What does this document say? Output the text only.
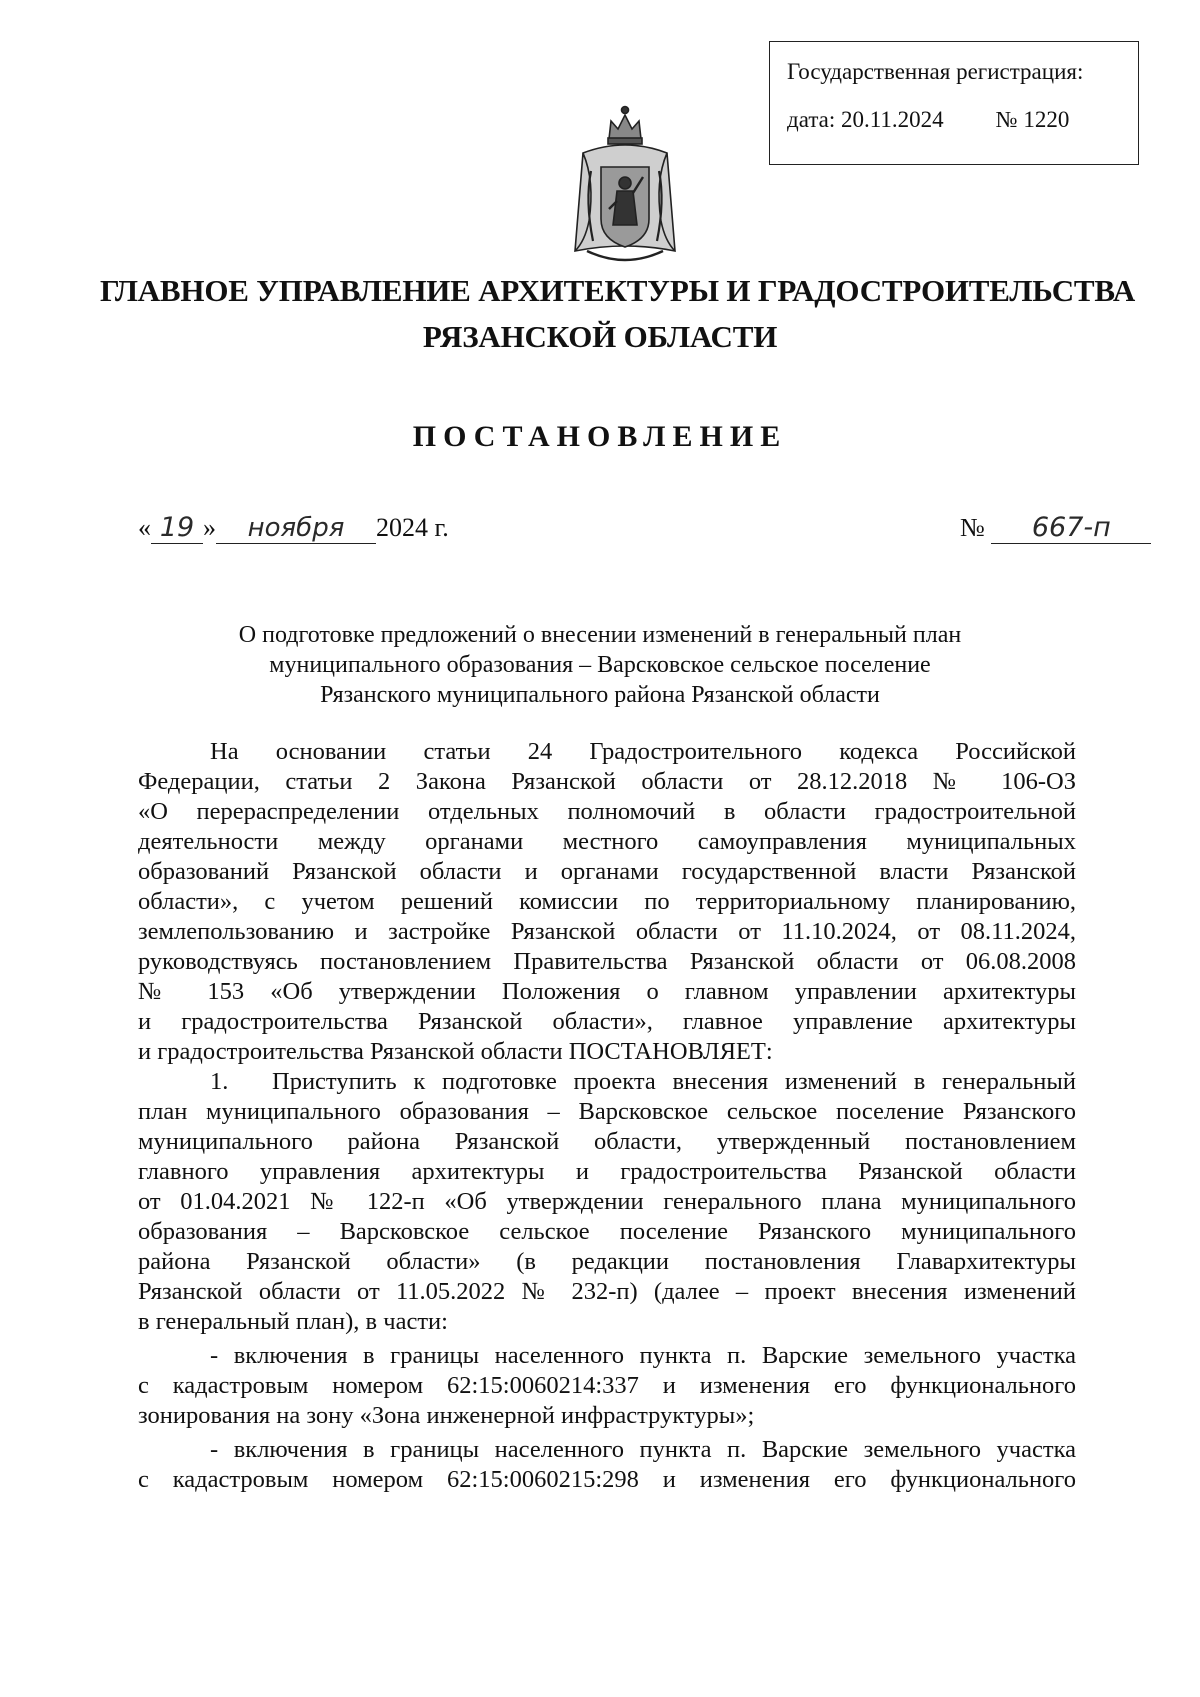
Государственная регистрация:
дата: 20.11.2024 № 1220
ГЛАВНОЕ УПРАВЛЕНИЕ АРХИТЕКТУРЫ И ГРАДОСТРОИТЕЛЬСТВА
РЯЗАНСКОЙ ОБЛАСТИ
ПОСТАНОВЛЕНИЕ
« 19 » ноября 2024 г.	№ 667-п
О подготовке предложений о внесении изменений в генеральный план
муниципального образования – Варсковское сельское поселение
Рязанского муниципального района Рязанской области

На основании статьи 24 Градостроительного кодекса Российской

Федерации, статьи 2 Закона Рязанской области от 28.12.2018 № 106-ОЗ

«О перераспределении отдельных полномочий в области градостроительной

деятельности между органами местного самоуправления муниципальных

образований Рязанской области и органами государственной власти Рязанской

области», с учетом решений комиссии по территориальному планированию,

землепользованию и застройке Рязанской области от 11.10.2024, от 08.11.2024,

руководствуясь постановлением Правительства Рязанской области от 06.08.2008

№ 153 «Об утверждении Положения о главном управлении архитектуры

и градостроительства Рязанской области», главное управление архитектуры

и градостроительства Рязанской области ПОСТАНОВЛЯЕТ:

1. Приступить к подготовке проекта внесения изменений в генеральный

план муниципального образования – Варсковское сельское поселение Рязанского

муниципального района Рязанской области, утвержденный постановлением

главного управления архитектуры и градостроительства Рязанской области

от 01.04.2021 № 122-п «Об утверждении генерального плана муниципального

образования – Варсковское сельское поселение Рязанского муниципального

района Рязанской области» (в редакции постановления Главархитектуры

Рязанской области от 11.05.2022 № 232-п) (далее – проект внесения изменений

в генеральный план), в части:

- включения в границы населенного пункта п. Варские земельного участка

с кадастровым номером 62:15:0060214:337 и изменения его функционального

зонирования на зону «Зона инженерной инфраструктуры»;

- включения в границы населенного пункта п. Варские земельного участка

с кадастровым номером 62:15:0060215:298 и изменения его функционального
